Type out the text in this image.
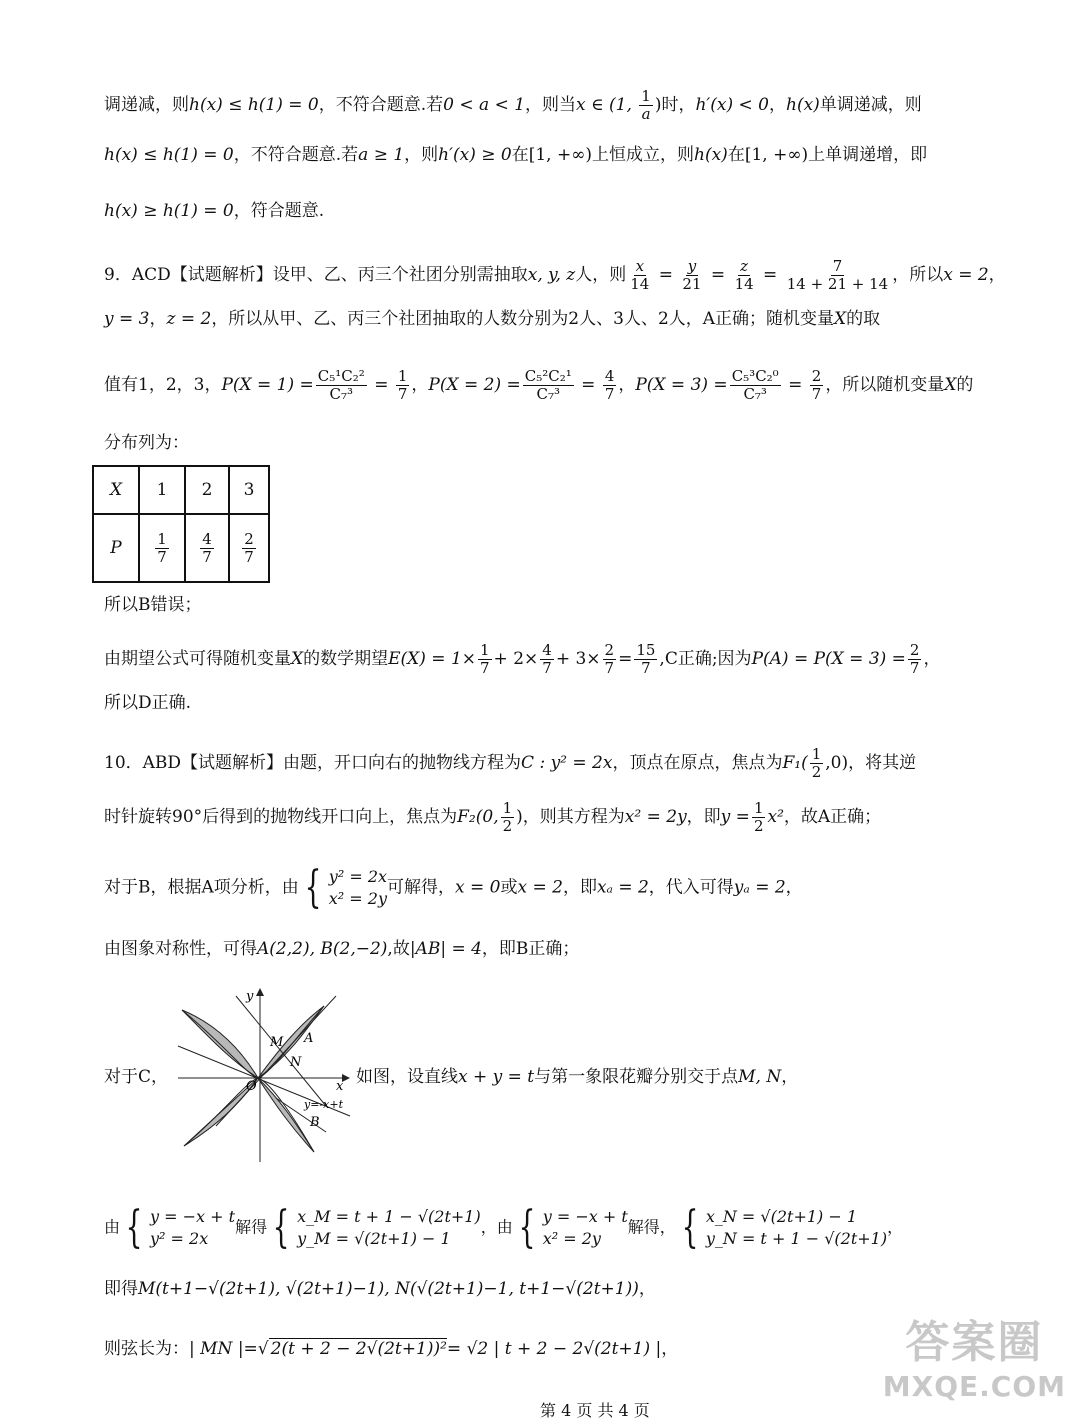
调递减，则h(x) ≤ h(1) = 0，不符合题意.若0 < a < 1，则当x ∈ (1, $\frac{1}{a}$ )时，h′(x) < 0，h(x)单调递减，则
h(x) ≤ h(1) = 0，不符合题意.若a ≥ 1，则h′(x) ≥ 0在[1, +∞)上恒成立，则h(x)在[1, +∞)上单调递增，即
h(x) ≥ h(1) = 0，符合题意.
9．ACD【试题解析】设甲、乙、丙三个社团分别需抽取x, y, z人，则 $\frac{x}{14} = \frac{y}{21} = \frac{z}{14} = \frac{7}{14 + 21 + 14}$ ，所以x = 2，
y = 3，z = 2，所以从甲、乙、丙三个社团抽取的人数分别为2人、3人、2人，A正确；随机变量X的取
值有1，2，3，$P(X = 1) = \frac{\text{C₅¹C₂²}}{\text{C₇³}} = \frac{1}{7}$ ，$P(X = 2) = \frac{\text{C₅²C₂¹}}{\text{C₇³}} = \frac{4}{7}$ ，$P(X = 3) = \frac{\text{C₅³C₂⁰}}{\text{C₇³}} = \frac{2}{7}$ ，所以随机变量X的
分布列为：
X	1	2	3
P	$\frac{1}{7}$	$\frac{4}{7}$	$\frac{2}{7}$
所以B错误；
由期望公式可得随机变量X的数学期望$E(X) = 1\times \frac{1}{7} + 2\times \frac{4}{7} + 3\times \frac{2}{7} = \frac{15}{7} ,C$正确;因为$P(A) = P(X = 3) = \frac{2}{7}$ ，
所以D正确.
10．ABD【试题解析】由题，开口向右的抛物线方程为C : y² = 2x，顶点在原点，焦点为$F_1( \frac{1}{2} ,0)$，将其逆
时针旋转90°后得到的抛物线开口向上，焦点为F₂(0, $\frac{1}{2}$ )，则其方程为x² = 2y，即$y = \frac{1}{2} x^2$，故A正确；
对于B，根据A项分析，由 { y² = 2x
x² = 2y
可解得，x = 0或x = 2，即xₐ = 2，代入可得yₐ = 2，
由图象对称性，可得A(2,2), B(2,−2),故|AB| = 4，即B正确；
y
x
O
M A
N
y=-x+t
B
对于C，	如图，设直线x + y = t与第一象限花瓣分别交于点M, N，
由 { y = −x + t
y² = 2x
解得 { x_M = t + 1 − √(2t+1)
y_M = √(2t+1) − 1
，由 { y = −x + t
x² = 2y
解得， { x_N = √(2t+1) − 1
y_N = t + 1 − √(2t+1)
，
即得M(t+1−√(2t+1), √(2t+1)−1), N(√(2t+1)−1, t+1−√(2t+1))，
则弦长为：| MN |=√ 2(t + 2 − 2√(2t+1))²= √2 | t + 2 − 2√(2t+1) |，	答案圈
MXQE.COM
第 4 页 共 4 页
